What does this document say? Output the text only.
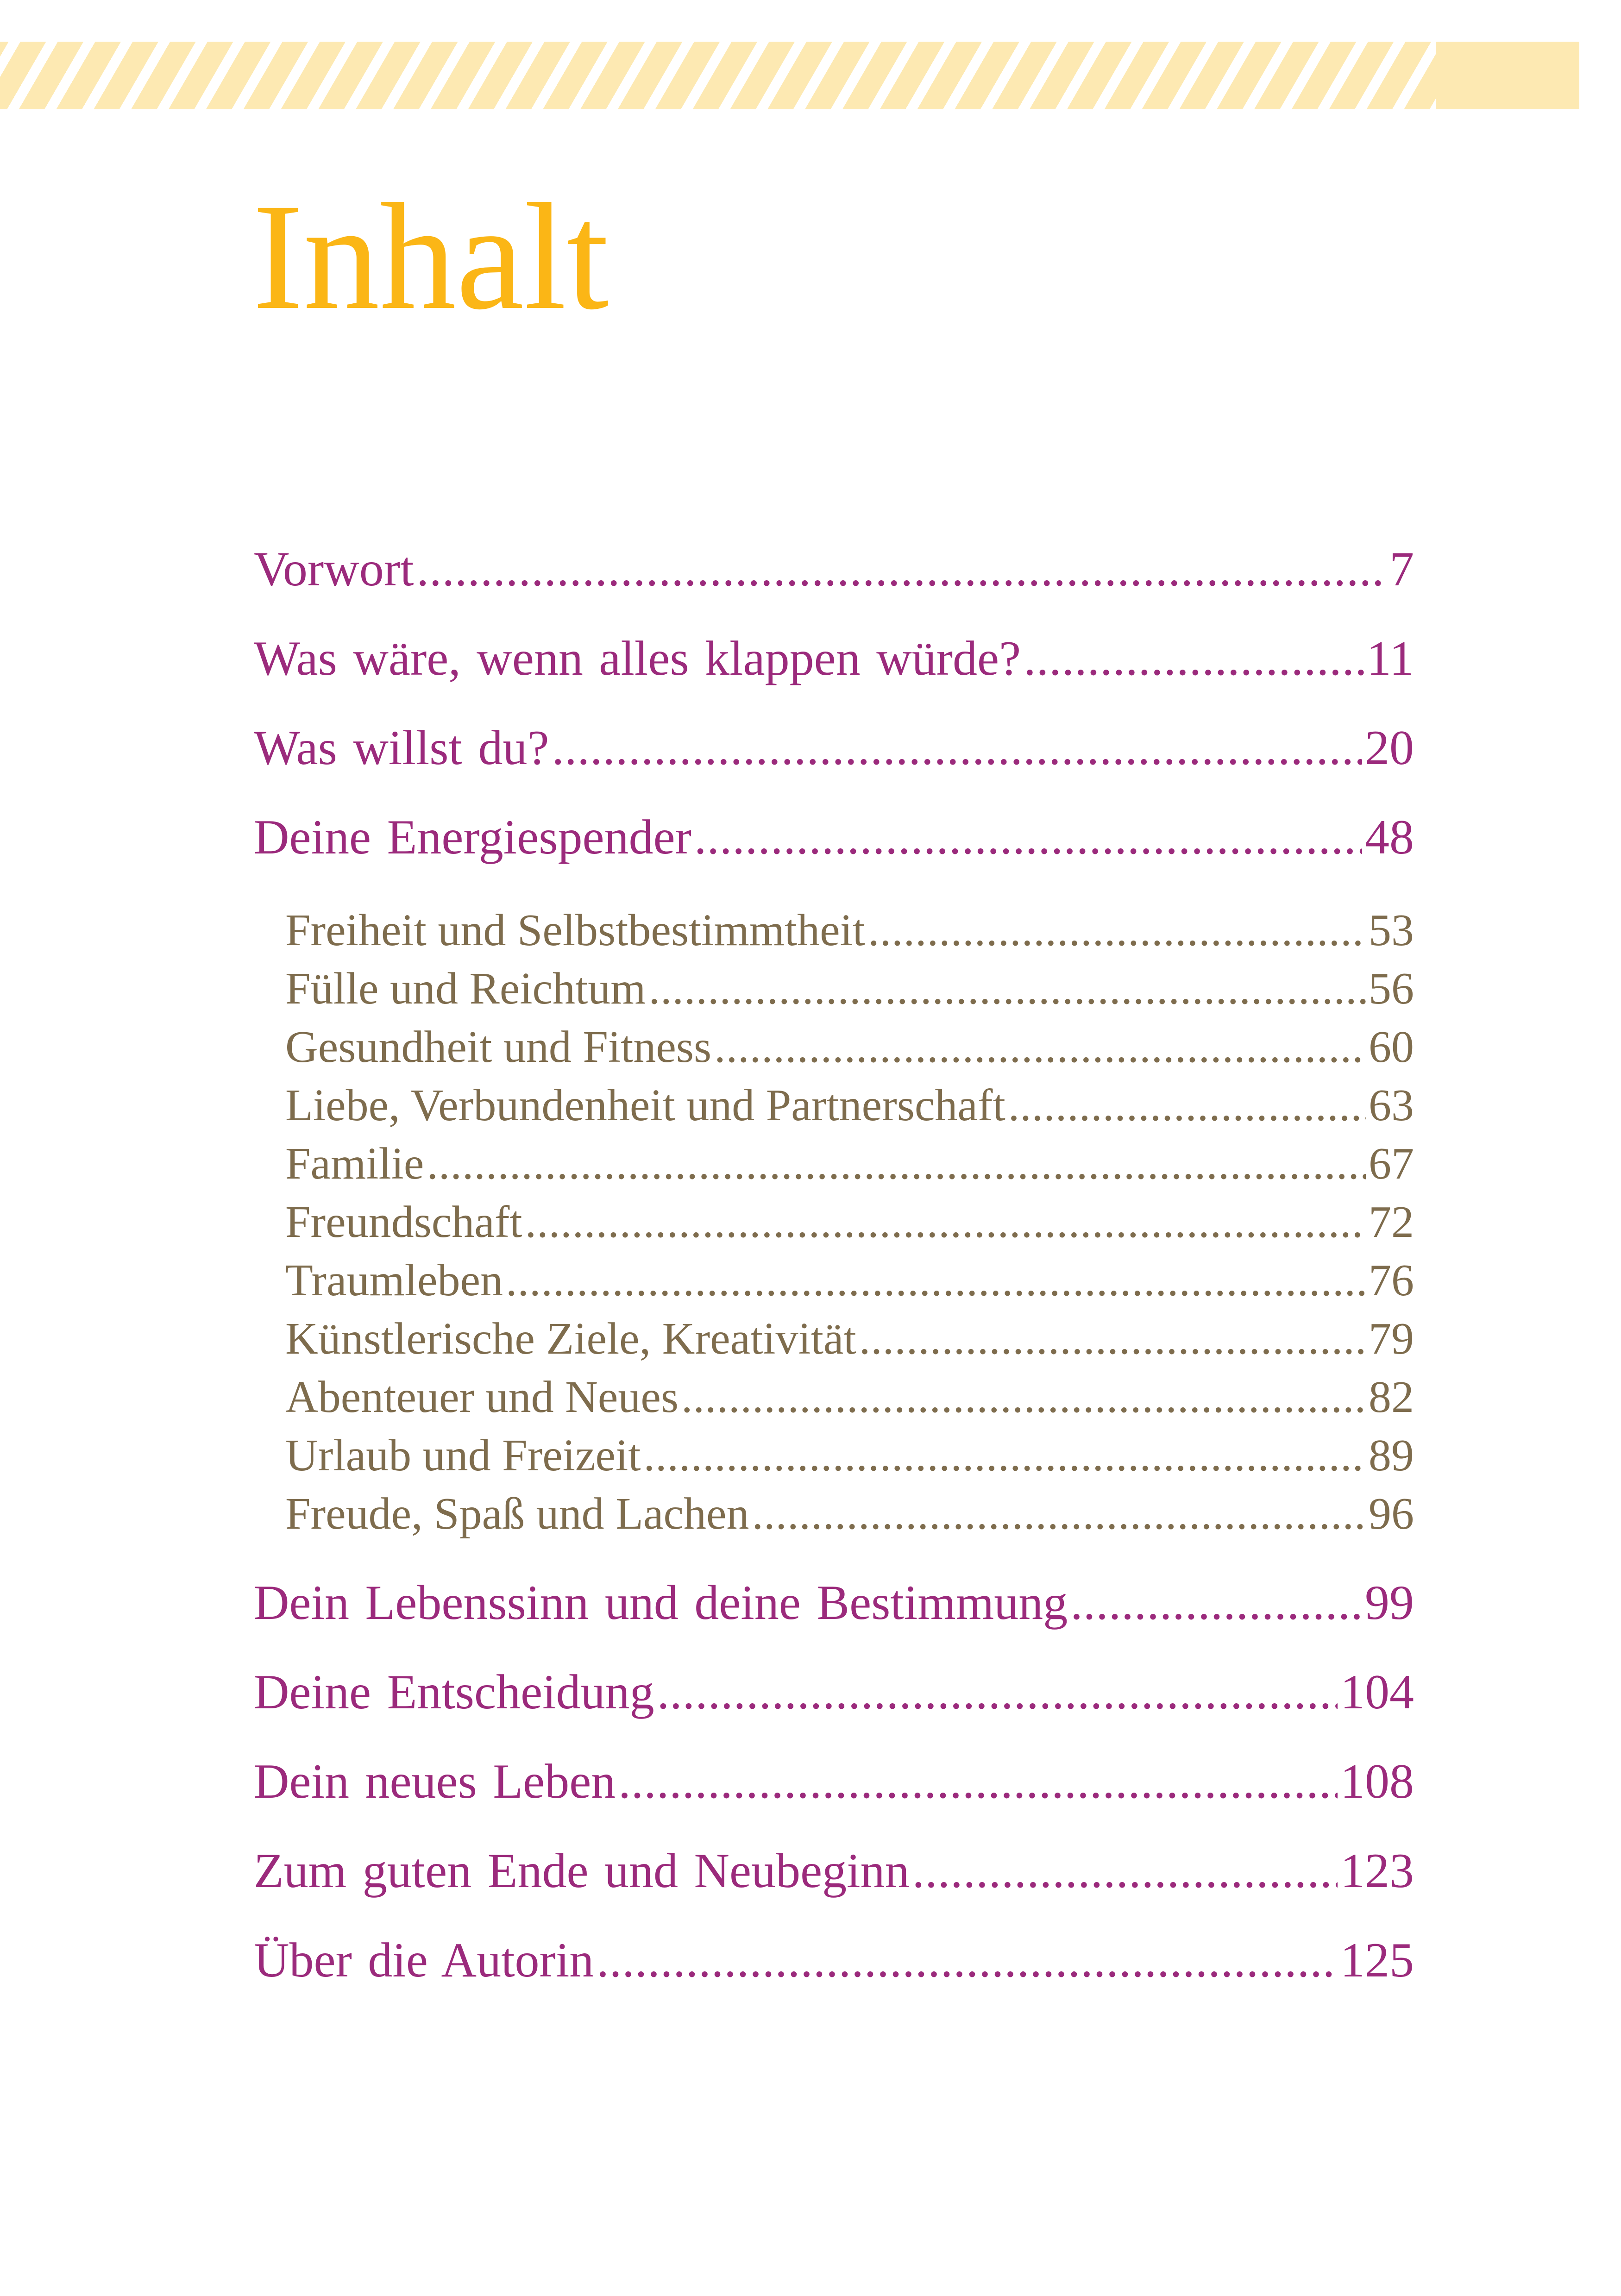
Inhalt
Vorwort .....	7
Was wäre, wenn alles klappen würde? .....	11
Was willst du? .....	20
Deine Energiespender .....	48
Freiheit und Selbstbestimmtheit .....	53
Fülle und Reichtum .....	56
Gesundheit und Fitness .....	60
Liebe, Verbundenheit und Partnerschaft .....	63
Familie .....	67
Freundschaft .....	72
Traumleben .....	76
Künstlerische Ziele, Kreativität .....	79
Abenteuer und Neues .....	82
Urlaub und Freizeit .....	89
Freude, Spaß und Lachen .....	96
Dein Lebenssinn und deine Bestimmung .....	99
Deine Entscheidung .....	104
Dein neues Leben .....	108
Zum guten Ende und Neubeginn .....	123
Über die Autorin .....	125
